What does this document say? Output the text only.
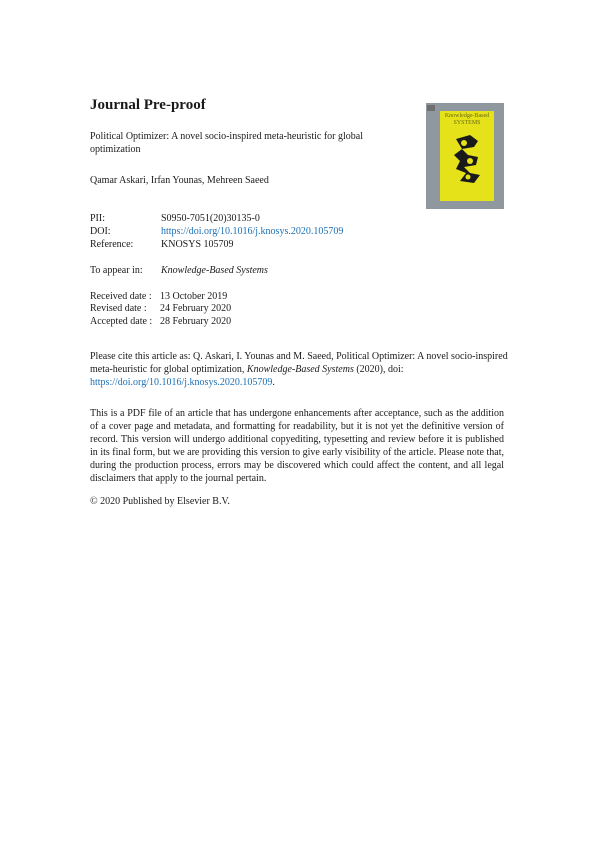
Journal Pre-proof
Political Optimizer: A novel socio-inspired meta-heuristic for global optimization
Qamar Askari, Irfan Younas, Mehreen Saeed
PII:	S0950-7051(20)30135-0
DOI:	https://doi.org/10.1016/j.knosys.2020.105709
Reference:	KNOSYS 105709
To appear in: Knowledge-Based Systems
Received date : 13 October 2019
Revised date : 24 February 2020
Accepted date : 28 February 2020
Please cite this article as: Q. Askari, I. Younas and M. Saeed, Political Optimizer: A novel socio-inspired meta-heuristic for global optimization, Knowledge-Based Systems (2020), doi:
https://doi.org/10.1016/j.knosys.2020.105709.
This is a PDF file of an article that has undergone enhancements after acceptance, such as the addition of a cover page and metadata, and formatting for readability, but it is not yet the definitive version of record. This version will undergo additional copyediting, typesetting and review before it is published in its final form, but we are providing this version to give early visibility of the article. Please note that, during the production process, errors may be discovered which could affect the content, and all legal disclaimers that apply to the journal pertain.
© 2020 Published by Elsevier B.V.
Knowledge-Based
SYSTEMS
